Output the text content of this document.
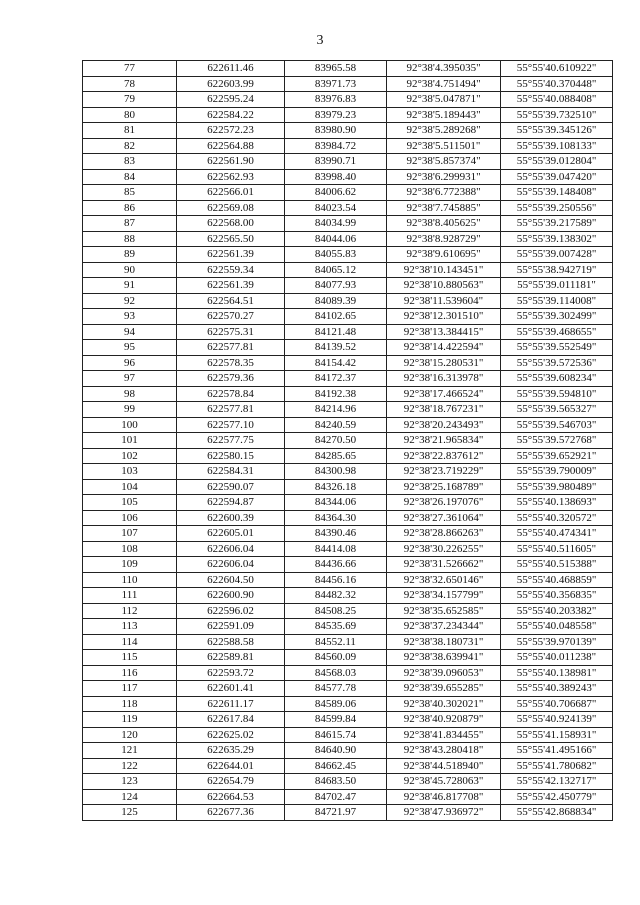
3
77	622611.46	83965.58	92°38'4.395035"	55°55'40.610922"
78	622603.99	83971.73	92°38'4.751494"	55°55'40.370448"
79	622595.24	83976.83	92°38'5.047871"	55°55'40.088408"
80	622584.22	83979.23	92°38'5.189443"	55°55'39.732510"
81	622572.23	83980.90	92°38'5.289268"	55°55'39.345126"
82	622564.88	83984.72	92°38'5.511501"	55°55'39.108133"
83	622561.90	83990.71	92°38'5.857374"	55°55'39.012804"
84	622562.93	83998.40	92°38'6.299931"	55°55'39.047420"
85	622566.01	84006.62	92°38'6.772388"	55°55'39.148408"
86	622569.08	84023.54	92°38'7.745885"	55°55'39.250556"
87	622568.00	84034.99	92°38'8.405625"	55°55'39.217589"
88	622565.50	84044.06	92°38'8.928729"	55°55'39.138302"
89	622561.39	84055.83	92°38'9.610695"	55°55'39.007428"
90	622559.34	84065.12	92°38'10.143451"	55°55'38.942719"
91	622561.39	84077.93	92°38'10.880563"	55°55'39.011181"
92	622564.51	84089.39	92°38'11.539604"	55°55'39.114008"
93	622570.27	84102.65	92°38'12.301510"	55°55'39.302499"
94	622575.31	84121.48	92°38'13.384415"	55°55'39.468655"
95	622577.81	84139.52	92°38'14.422594"	55°55'39.552549"
96	622578.35	84154.42	92°38'15.280531"	55°55'39.572536"
97	622579.36	84172.37	92°38'16.313978"	55°55'39.608234"
98	622578.84	84192.38	92°38'17.466524"	55°55'39.594810"
99	622577.81	84214.96	92°38'18.767231"	55°55'39.565327"
100	622577.10	84240.59	92°38'20.243493"	55°55'39.546703"
101	622577.75	84270.50	92°38'21.965834"	55°55'39.572768"
102	622580.15	84285.65	92°38'22.837612"	55°55'39.652921"
103	622584.31	84300.98	92°38'23.719229"	55°55'39.790009"
104	622590.07	84326.18	92°38'25.168789"	55°55'39.980489"
105	622594.87	84344.06	92°38'26.197076"	55°55'40.138693"
106	622600.39	84364.30	92°38'27.361064"	55°55'40.320572"
107	622605.01	84390.46	92°38'28.866263"	55°55'40.474341"
108	622606.04	84414.08	92°38'30.226255"	55°55'40.511605"
109	622606.04	84436.66	92°38'31.526662"	55°55'40.515388"
110	622604.50	84456.16	92°38'32.650146"	55°55'40.468859"
111	622600.90	84482.32	92°38'34.157799"	55°55'40.356835"
112	622596.02	84508.25	92°38'35.652585"	55°55'40.203382"
113	622591.09	84535.69	92°38'37.234344"	55°55'40.048558"
114	622588.58	84552.11	92°38'38.180731"	55°55'39.970139"
115	622589.81	84560.09	92°38'38.639941"	55°55'40.011238"
116	622593.72	84568.03	92°38'39.096053"	55°55'40.138981"
117	622601.41	84577.78	92°38'39.655285"	55°55'40.389243"
118	622611.17	84589.06	92°38'40.302021"	55°55'40.706687"
119	622617.84	84599.84	92°38'40.920879"	55°55'40.924139"
120	622625.02	84615.74	92°38'41.834455"	55°55'41.158931"
121	622635.29	84640.90	92°38'43.280418"	55°55'41.495166"
122	622644.01	84662.45	92°38'44.518940"	55°55'41.780682"
123	622654.79	84683.50	92°38'45.728063"	55°55'42.132717"
124	622664.53	84702.47	92°38'46.817708"	55°55'42.450779"
125	622677.36	84721.97	92°38'47.936972"	55°55'42.868834"
